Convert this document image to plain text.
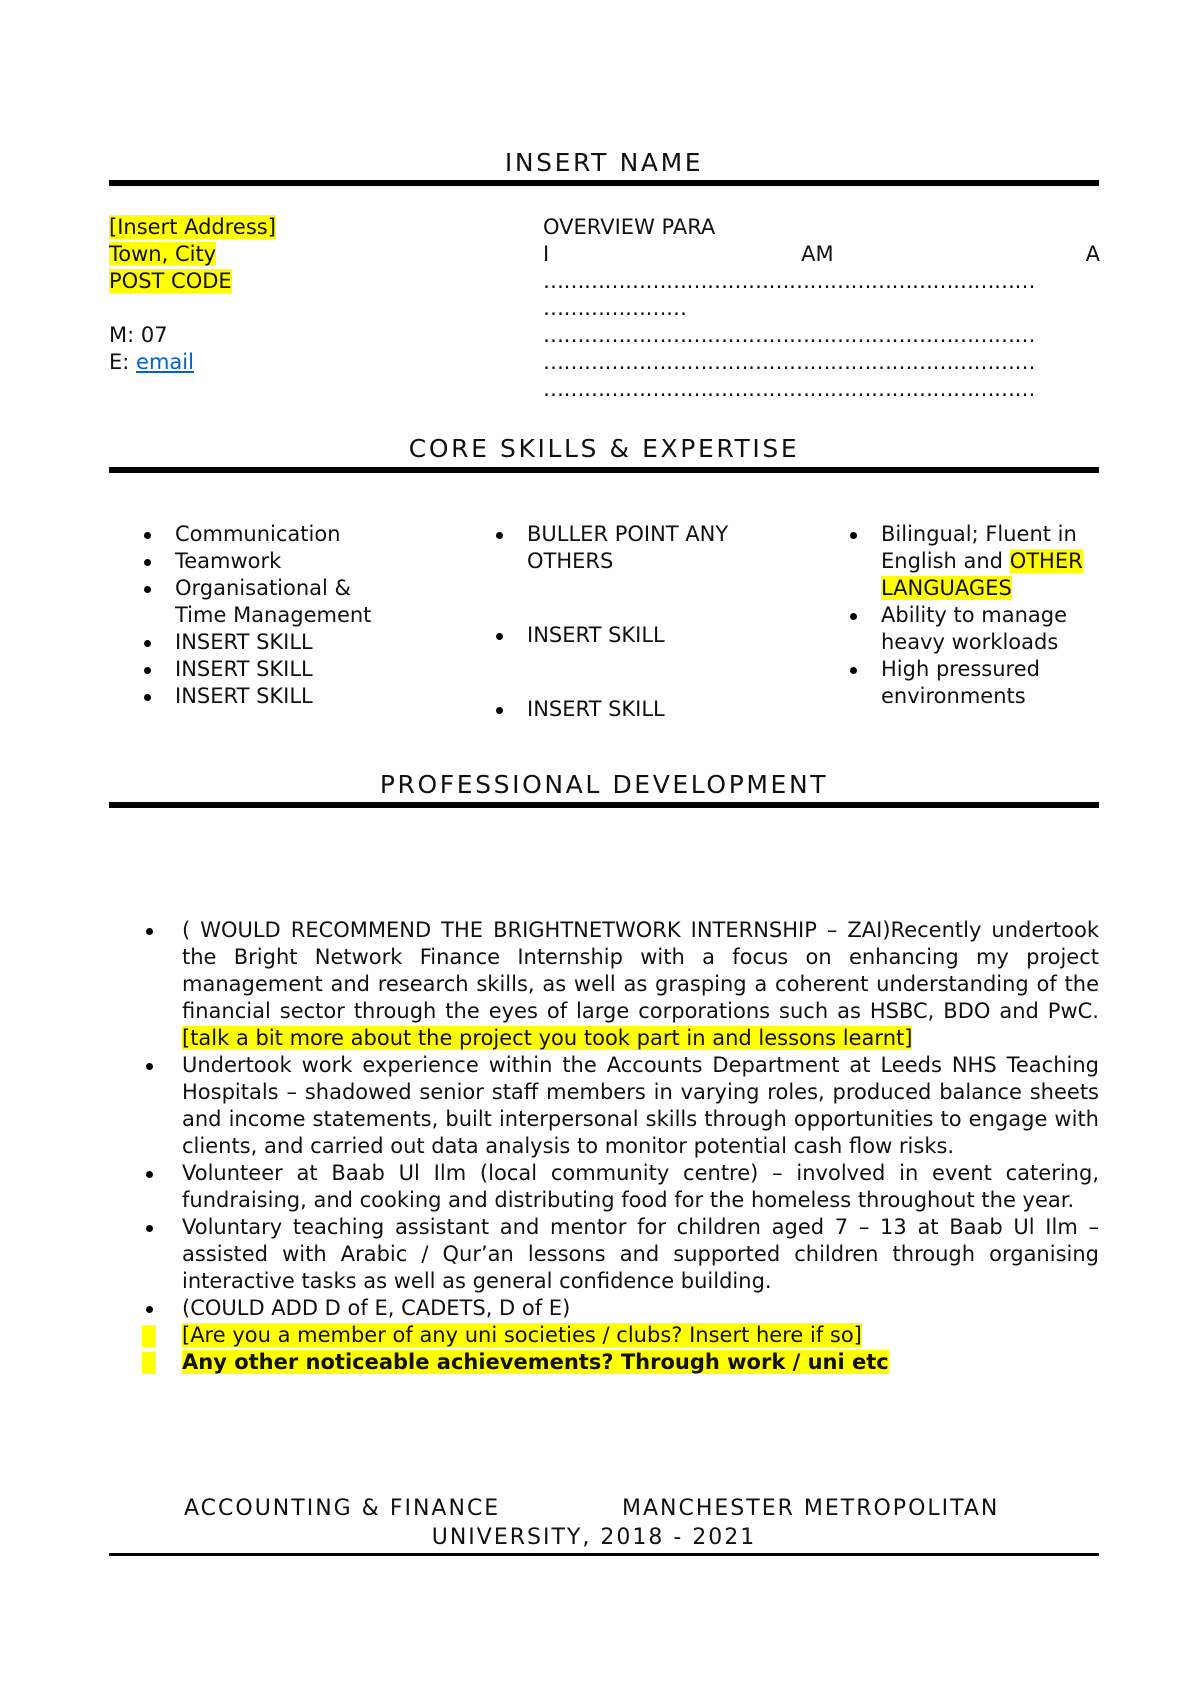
INSERT NAME
[Insert Address]
Town, City
POST CODE
M: 07
E: email
OVERVIEW PARA
I	AM	A
………………………………………………………………
…………………
………………………………………………………………
………………………………………………………………
………………………………………………………………
CORE SKILLS & EXPERTISE
Communication
Teamwork
Organisational & Time Management
INSERT SKILL
INSERT SKILL
INSERT SKILL
BULLER POINT ANY OTHERS
INSERT SKILL
INSERT SKILL
Bilingual; Fluent in English and OTHER LANGUAGES
Ability to manage heavy workloads
High pressured environments
PROFESSIONAL DEVELOPMENT
( WOULD RECOMMEND THE BRIGHTNETWORK INTERNSHIP – ZAI)Recently undertook the Bright Network Finance Internship with a focus on enhancing my project management and research skills, as well as grasping a coherent understanding of the financial sector through the eyes of large corporations such as HSBC, BDO and PwC. [talk a bit more about the project you took part in and lessons learnt]
Undertook work experience within the Accounts Department at Leeds NHS Teaching Hospitals – shadowed senior staff members in varying roles, produced balance sheets and income statements, built interpersonal skills through opportunities to engage with clients, and carried out data analysis to monitor potential cash flow risks.
Volunteer at Baab Ul Ilm (local community centre) – involved in event catering, fundraising, and cooking and distributing food for the homeless throughout the year.
Voluntary teaching assistant and mentor for children aged 7 – 13 at Baab Ul Ilm – assisted with Arabic / Qur’an lessons and supported children through organising interactive tasks as well as general confidence building.
(COULD ADD D of E, CADETS, D of E)
[Are you a member of any uni societies / clubs? Insert here if so]
Any other noticeable achievements? Through work / uni etc
ACCOUNTING & FINANCE	MANCHESTER METROPOLITAN
UNIVERSITY, 2018 - 2021
